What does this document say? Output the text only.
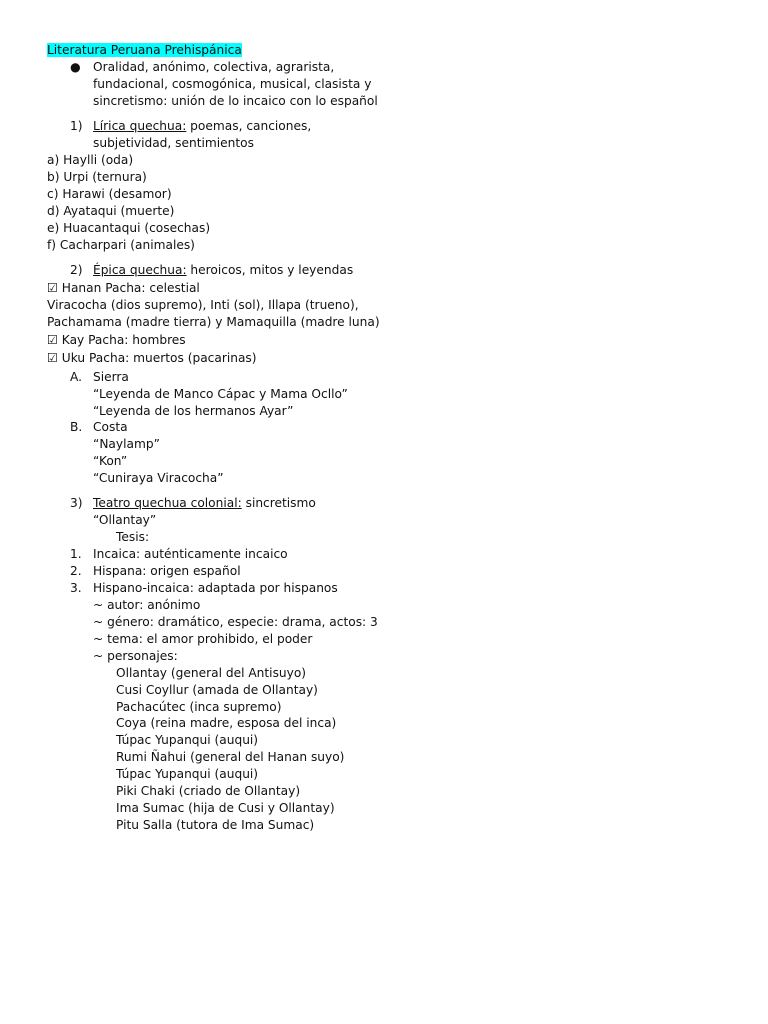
Literatura Peruana Prehispánica
● Oralidad, anónimo, colectiva, agrarista,
fundacional, cosmogónica, musical, clasista y
sincretismo: unión de lo incaico con lo español
1) Lírica quechua: poemas, canciones,
subjetividad, sentimientos
a) Haylli (oda)
b) Urpi (ternura)
c) Harawi (desamor)
d) Ayataqui (muerte)
e) Huacantaqui (cosechas)
f) Cacharpari (animales)
2) Épica quechua: heroicos, mitos y leyendas
☑ Hanan Pacha: celestial
Viracocha (dios supremo), Inti (sol), Illapa (trueno),
Pachamama (madre tierra) y Mamaquilla (madre luna)
☑ Kay Pacha: hombres
☑ Uku Pacha: muertos (pacarinas)
A. Sierra
“Leyenda de Manco Cápac y Mama Ocllo”
“Leyenda de los hermanos Ayar”
B. Costa
“Naylamp”
“Kon”
“Cuniraya Viracocha”
3) Teatro quechua colonial: sincretismo
“Ollantay”
Tesis:
1. Incaica: auténticamente incaico
2. Hispana: origen español
3. Hispano-incaica: adaptada por hispanos
~ autor: anónimo
~ género: dramático, especie: drama, actos: 3
~ tema: el amor prohibido, el poder
~ personajes:
Ollantay (general del Antisuyo)
Cusi Coyllur (amada de Ollantay)
Pachacútec (inca supremo)
Coya (reina madre, esposa del inca)
Túpac Yupanqui (auqui)
Rumi Ñahui (general del Hanan suyo)
Túpac Yupanqui (auqui)
Piki Chaki (criado de Ollantay)
Ima Sumac (hija de Cusi y Ollantay)
Pitu Salla (tutora de Ima Sumac)
